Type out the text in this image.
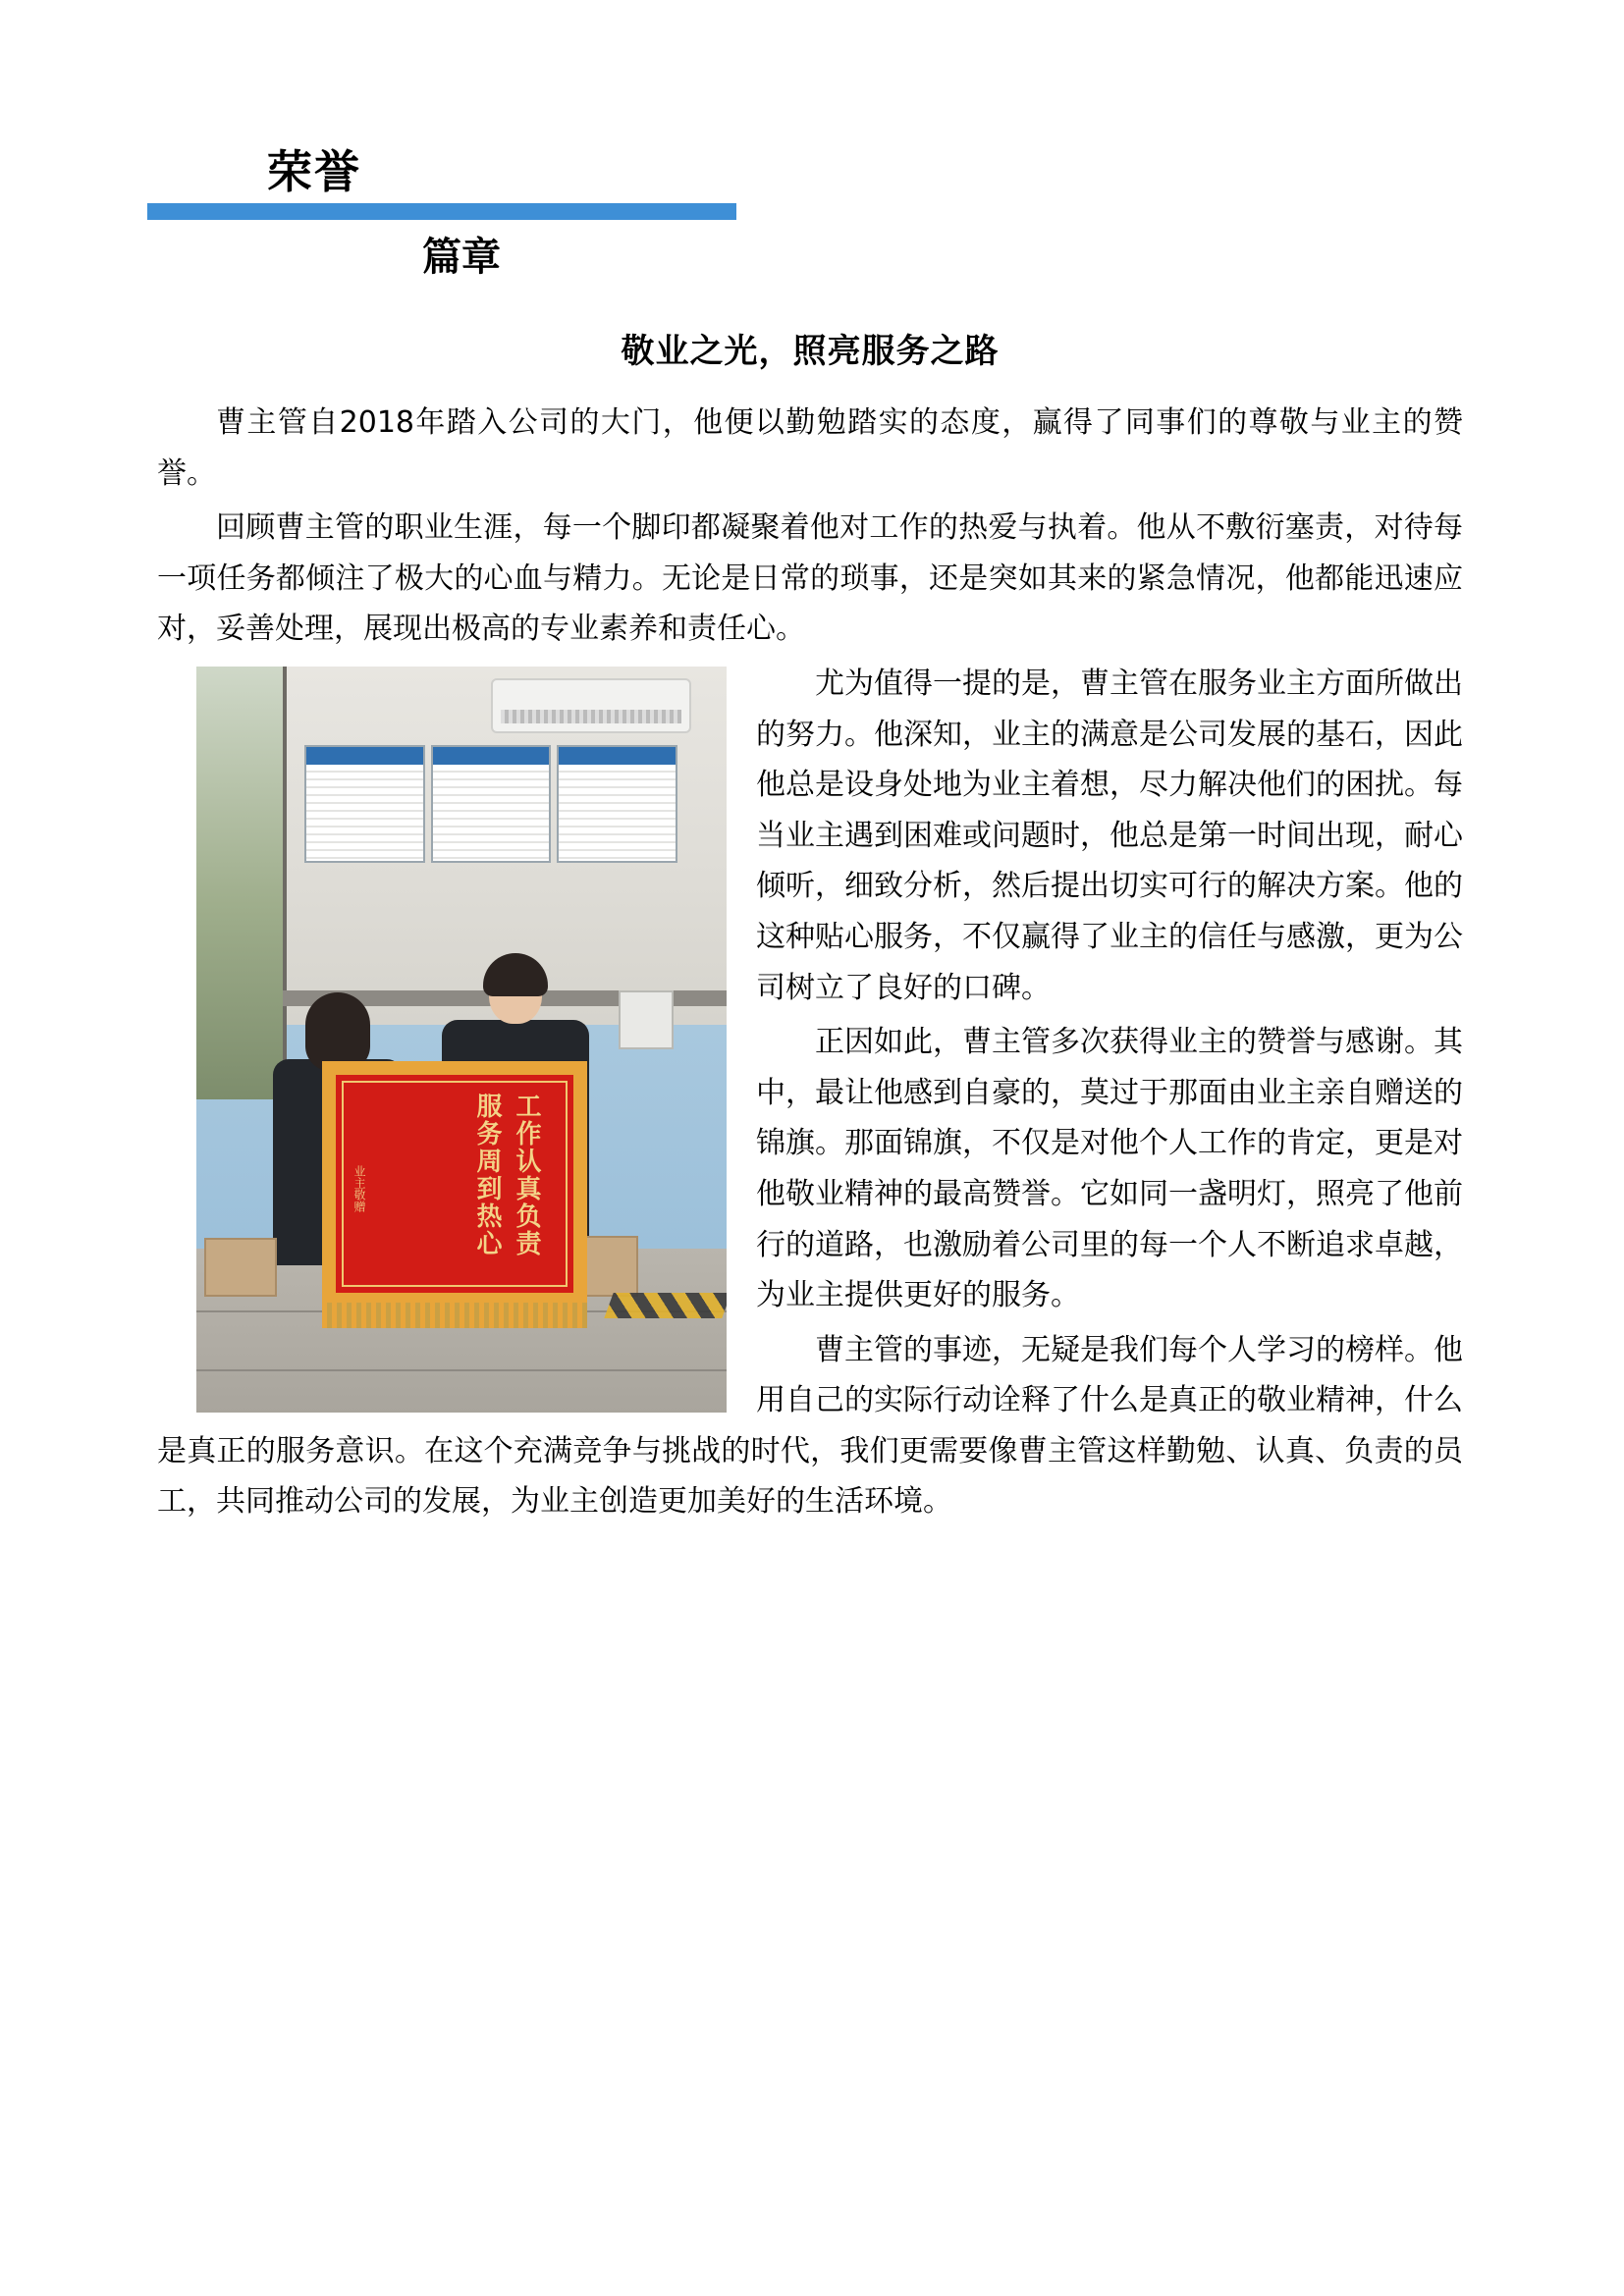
荣誉
篇章
敬业之光，照亮服务之路

曹主管自2018年踏入公司的大门，他便以勤勉踏实的态度，赢得了同事们的尊敬与业主的赞誉。

回顾曹主管的职业生涯，每一个脚印都凝聚着他对工作的热爱与执着。他从不敷衍塞责，对待每一项任务都倾注了极大的心血与精力。无论是日常的琐事，还是突如其来的紧急情况，他都能迅速应对，妥善处理，展现出极高的专业素养和责任心。

工作认真负责
服务周到热心
业主敬赠

尤为值得一提的是，曹主管在服务业主方面所做出的努力。他深知，业主的满意是公司发展的基石，因此他总是设身处地为业主着想，尽力解决他们的困扰。每当业主遇到困难或问题时，他总是第一时间出现，耐心倾听，细致分析，然后提出切实可行的解决方案。他的这种贴心服务，不仅赢得了业主的信任与感激，更为公司树立了良好的口碑。

正因如此，曹主管多次获得业主的赞誉与感谢。其中，最让他感到自豪的，莫过于那面由业主亲自赠送的锦旗。那面锦旗，不仅是对他个人工作的肯定，更是对他敬业精神的最高赞誉。它如同一盏明灯，照亮了他前行的道路，也激励着公司里的每一个人不断追求卓越，为业主提供更好的服务。

曹主管的事迹，无疑是我们每个人学习的榜样。他用自己的实际行动诠释了什么是真正的敬业精神，什么是真正的服务意识。在这个充满竞争与挑战的时代，我们更需要像曹主管这样勤勉、认真、负责的员工，共同推动公司的发展，为业主创造更加美好的生活环境。
